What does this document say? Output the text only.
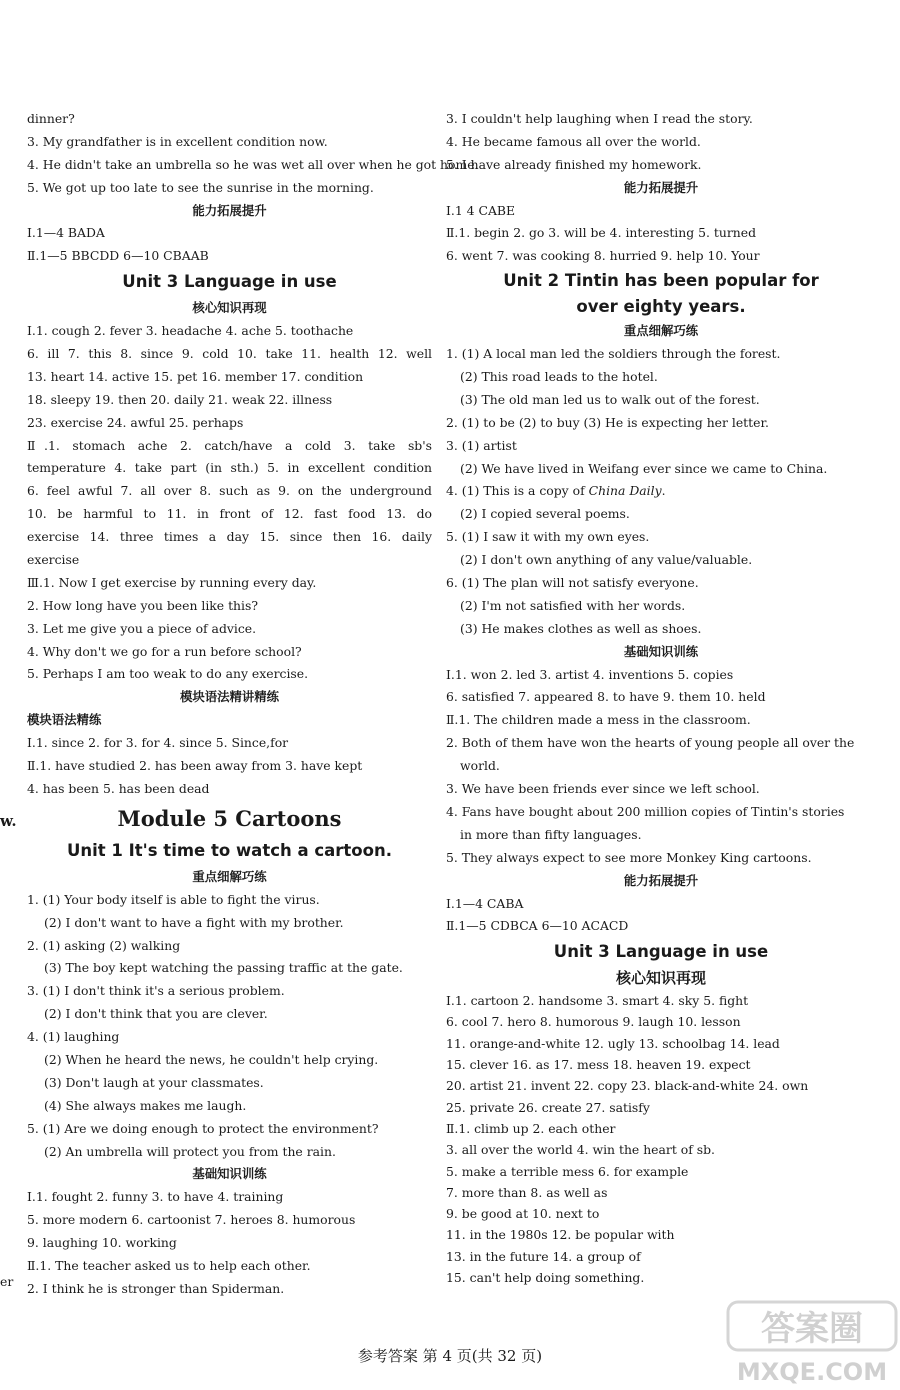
dinner?
3. My grandfather is in excellent condition now.
4. He didn't take an umbrella so he was wet all over when he got home.
5. We got up too late to see the sunrise in the morning.
能力拓展提升
Ⅰ.1—4 BADA
Ⅱ.1—5 BBCDD 6—10 CBAAB
Unit 3 Language in use
核心知识再现
Ⅰ.1. cough 2. fever 3. headache 4. ache 5. toothache
6. ill 7. this 8. since 9. cold 10. take 11. health 12. well
13. heart 14. active 15. pet 16. member 17. condition
18. sleepy 19. then 20. daily 21. weak 22. illness
23. exercise 24. awful 25. perhaps
Ⅱ.1. stomach ache 2. catch/have a cold 3. take sb's
temperature 4. take part (in sth.) 5. in excellent condition
6. feel awful 7. all over 8. such as 9. on the underground
10. be harmful to 11. in front of 12. fast food 13. do
exercise 14. three times a day 15. since then 16. daily
exercise
Ⅲ.1. Now I get exercise by running every day.
2. How long have you been like this?
3. Let me give you a piece of advice.
4. Why don't we go for a run before school?
5. Perhaps I am too weak to do any exercise.
模块语法精讲精练
模块语法精练
Ⅰ.1. since 2. for 3. for 4. since 5. Since,for
Ⅱ.1. have studied 2. has been away from 3. have kept
4. has been 5. has been dead
Module 5 Cartoons
Unit 1 It's time to watch a cartoon.
重点细解巧练
1. (1) Your body itself is able to fight the virus.
(2) I don't want to have a fight with my brother.
2. (1) asking (2) walking
(3) The boy kept watching the passing traffic at the gate.
3. (1) I don't think it's a serious problem.
(2) I don't think that you are clever.
4. (1) laughing
(2) When he heard the news, he couldn't help crying.
(3) Don't laugh at your classmates.
(4) She always makes me laugh.
5. (1) Are we doing enough to protect the environment?
(2) An umbrella will protect you from the rain.
基础知识训练
Ⅰ.1. fought 2. funny 3. to have 4. training
5. more modern 6. cartoonist 7. heroes 8. humorous
9. laughing 10. working
Ⅱ.1. The teacher asked us to help each other.
2. I think he is stronger than Spiderman.
3. I couldn't help laughing when I read the story.
4. He became famous all over the world.
5. I have already finished my homework.
能力拓展提升
Ⅰ.1 4 CABE
Ⅱ.1. begin 2. go 3. will be 4. interesting 5. turned
6. went 7. was cooking 8. hurried 9. help 10. Your
Unit 2 Tintin has been popular for
over eighty years.
重点细解巧练
1. (1) A local man led the soldiers through the forest.
(2) This road leads to the hotel.
(3) The old man led us to walk out of the forest.
2. (1) to be (2) to buy (3) He is expecting her letter.
3. (1) artist
(2) We have lived in Weifang ever since we came to China.
4. (1) This is a copy of China Daily.
(2) I copied several poems.
5. (1) I saw it with my own eyes.
(2) I don't own anything of any value/valuable.
6. (1) The plan will not satisfy everyone.
(2) I'm not satisfied with her words.
(3) He makes clothes as well as shoes.
基础知识训练
Ⅰ.1. won 2. led 3. artist 4. inventions 5. copies
6. satisfied 7. appeared 8. to have 9. them 10. held
Ⅱ.1. The children made a mess in the classroom.
2. Both of them have won the hearts of young people all over the
world.
3. We have been friends ever since we left school.
4. Fans have bought about 200 million copies of Tintin's stories
in more than fifty languages.
5. They always expect to see more Monkey King cartoons.
能力拓展提升
Ⅰ.1—4 CABA
Ⅱ.1—5 CDBCA 6—10 ACACD
Unit 3 Language in use
核心知识再现
Ⅰ.1. cartoon 2. handsome 3. smart 4. sky 5. fight
6. cool 7. hero 8. humorous 9. laugh 10. lesson
11. orange-and-white 12. ugly 13. schoolbag 14. lead
15. clever 16. as 17. mess 18. heaven 19. expect
20. artist 21. invent 22. copy 23. black-and-white 24. own
25. private 26. create 27. satisfy
Ⅱ.1. climb up 2. each other
3. all over the world 4. win the heart of sb.
5. make a terrible mess 6. for example
7. more than 8. as well as
9. be good at 10. next to
11. in the 1980s 12. be popular with
13. in the future 14. a group of
15. can't help doing something.
w.
er
参考答案 第 4 页(共 32 页)
答案圈
MXQE.COM
